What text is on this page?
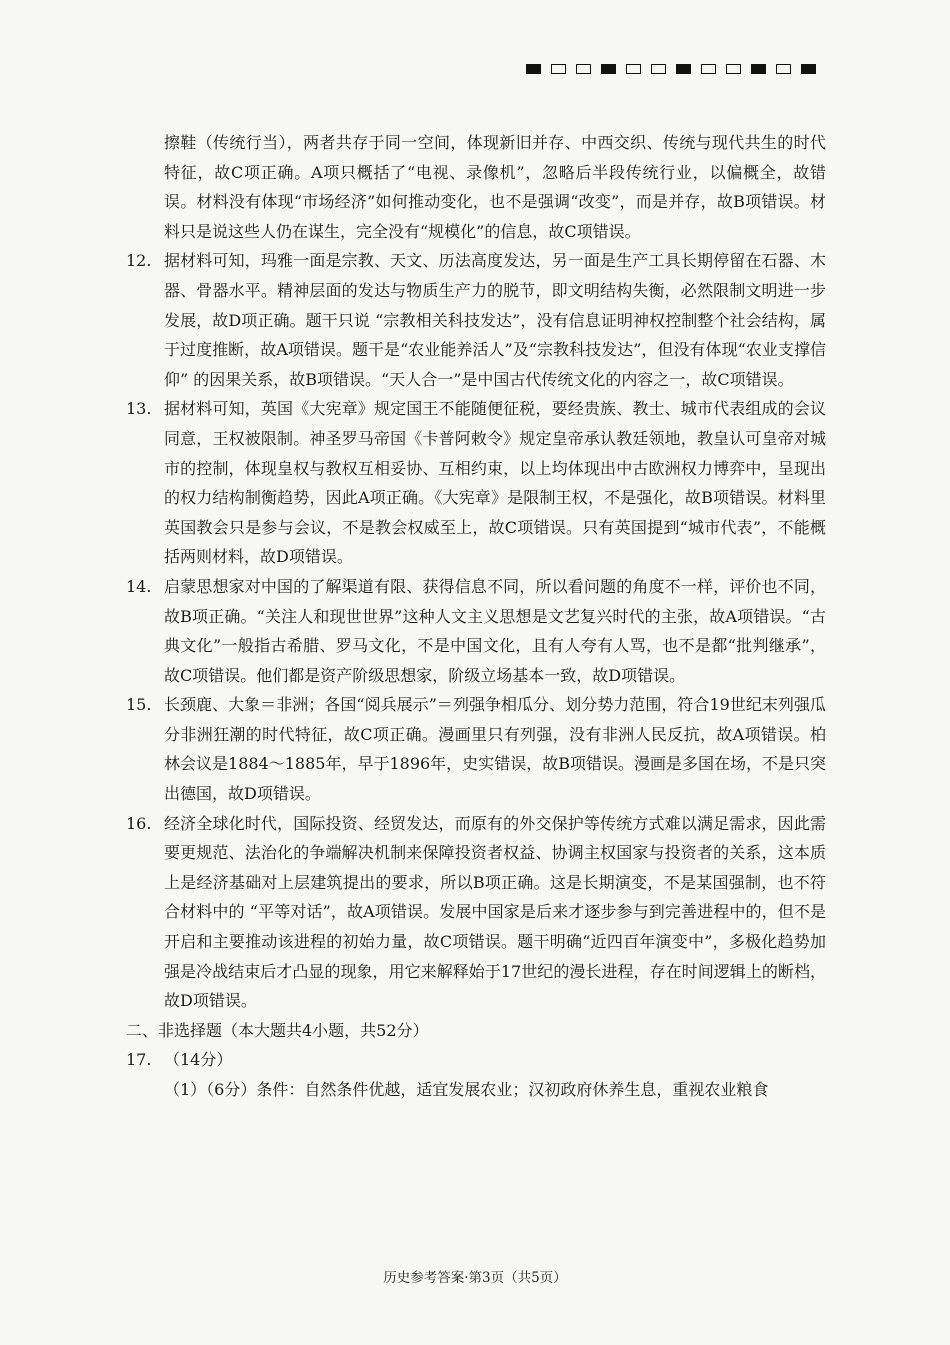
擦鞋（传统行当），两者共存于同一空间，体现新旧并存、中西交织、传统与现代共生的时代特征，故C项正确。A项只概括了“电视、录像机”，忽略后半段传统行业，以偏概全，故错误。材料没有体现“市场经济”如何推动变化，也不是强调“改变”，而是并存，故B项错误。材料只是说这些人仍在谋生，完全没有“规模化”的信息，故C项错误。

12. 据材料可知，玛雅一面是宗教、天文、历法高度发达，另一面是生产工具长期停留在石器、木器、骨器水平。精神层面的发达与物质生产力的脱节，即文明结构失衡，必然限制文明进一步发展，故D项正确。题干只说 “宗教相关科技发达”，没有信息证明神权控制整个社会结构，属于过度推断，故A项错误。题干是“农业能养活人”及“宗教科技发达”，但没有体现“农业支撑信仰” 的因果关系，故B项错误。“天人合一”是中国古代传统文化的内容之一，故C项错误。
13. 据材料可知，英国《大宪章》规定国王不能随便征税，要经贵族、教士、城市代表组成的会议同意，王权被限制。神圣罗马帝国《卡普阿敕令》规定皇帝承认教廷领地，教皇认可皇帝对城市的控制，体现皇权与教权互相妥协、互相约束，以上均体现出中古欧洲权力博弈中，呈现出的权力结构制衡趋势，因此A项正确。《大宪章》是限制王权，不是强化，故B项错误。材料里英国教会只是参与会议，不是教会权威至上，故C项错误。只有英国提到“城市代表”，不能概括两则材料，故D项错误。
14. 启蒙思想家对中国的了解渠道有限、获得信息不同，所以看问题的角度不一样，评价也不同，故B项正确。“关注人和现世世界”这种人文主义思想是文艺复兴时代的主张，故A项错误。“古典文化”一般指古希腊、罗马文化，不是中国文化，且有人夸有人骂，也不是都“批判继承”，故C项错误。他们都是资产阶级思想家，阶级立场基本一致，故D项错误。
15. 长颈鹿、大象＝非洲；各国“阅兵展示”＝列强争相瓜分、划分势力范围，符合19世纪末列强瓜分非洲狂潮的时代特征，故C项正确。漫画里只有列强，没有非洲人民反抗，故A项错误。柏林会议是1884～1885年，早于1896年，史实错误，故B项错误。漫画是多国在场，不是只突出德国，故D项错误。
16. 经济全球化时代，国际投资、经贸发达，而原有的外交保护等传统方式难以满足需求，因此需要更规范、法治化的争端解决机制来保障投资者权益、协调主权国家与投资者的关系，这本质上是经济基础对上层建筑提出的要求，所以B项正确。这是长期演变，不是某国强制，也不符合材料中的 “平等对话”，故A项错误。发展中国家是后来才逐步参与到完善进程中的，但不是开启和主要推动该进程的初始力量，故C项错误。题干明确“近四百年演变中”，多极化趋势加强是冷战结束后才凸显的现象，用它来解释始于17世纪的漫长进程，存在时间逻辑上的断档，故D项错误。

二、非选择题（本大题共4小题，共52分）

17. （14分）
（1）（6分）条件：自然条件优越，适宜发展农业；汉初政府休养生息，重视农业粮食
历史参考答案·第3页（共5页）
